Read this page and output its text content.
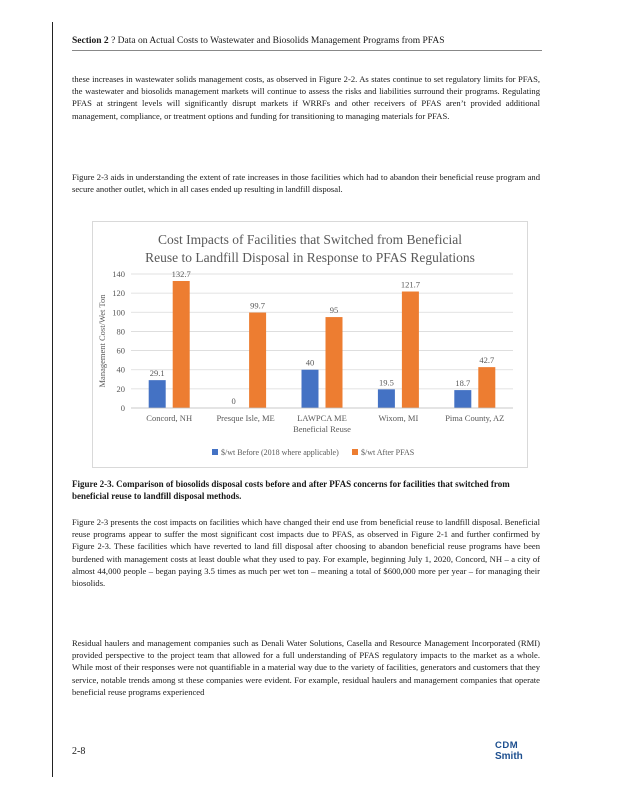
Section 2 ? Data on Actual Costs to Wastewater and Biosolids Management Programs from PFAS

these increases in wastewater solids management costs, as observed in Figure 2-2. As states continue to set regulatory limits for PFAS, the wastewater and biosolids management markets will continue to assess the risks and liabilities surround their programs. Regulating PFAS at stringent levels will significantly disrupt markets if WRRFs and other receivers of PFAS aren’t provided additional management, compliance, or treatment options and funding for transitioning to managing materials for PFAS.

Figure 2-3 aids in understanding the extent of rate increases in those facilities which had to abandon their beneficial reuse program and secure another outlet, which in all cases ended up resulting in landfill disposal.

Cost Impacts of Facilities that Switched from Beneficial
Reuse to Landfill Disposal in Response to PFAS Regulations
0
20
40
60
80
100
120
140
Management Cost/Wet Ton	29.1
132.7
Concord, NH
0
99.7
Presque Isle, ME
40
95
LAWPCA ME
Beneficial Reuse
19.5
121.7
Wixom, MI
18.7
42.7
Pima County, AZ
$/wt Before (2018 where applicable)	$/wt After PFAS

Figure 2-3. Comparison of biosolids disposal costs before and after PFAS concerns for facilities that switched from beneficial reuse to landfill disposal methods.

Figure 2-3 presents the cost impacts on facilities which have changed their end use from beneficial reuse to landfill disposal. Beneficial reuse programs appear to suffer the most significant cost impacts due to PFAS, as observed in Figure 2-1 and further confirmed by Figure 2-3. These facilities which have reverted to land fill disposal after choosing to abandon beneficial reuse programs have been burdened with management costs at least double what they used to pay. For example, beginning July 1, 2020, Concord, NH – a city of almost 44,000 people – began paying 3.5 times as much per wet ton – meaning a total of $600,000 more per year – for managing their biosolids.

Residual haulers and management companies such as Denali Water Solutions, Casella and Resource Management Incorporated (RMI) provided perspective to the project team that allowed for a full understanding of PFAS regulatory impacts to the market as a whole. While most of their responses were not quantifiable in a material way due to the variety of facilities, generators and customers that they service, notable trends among st these companies were evident. For example, residual haulers and management companies that operate beneficial reuse programs experienced

2-8
CDM
Smith
